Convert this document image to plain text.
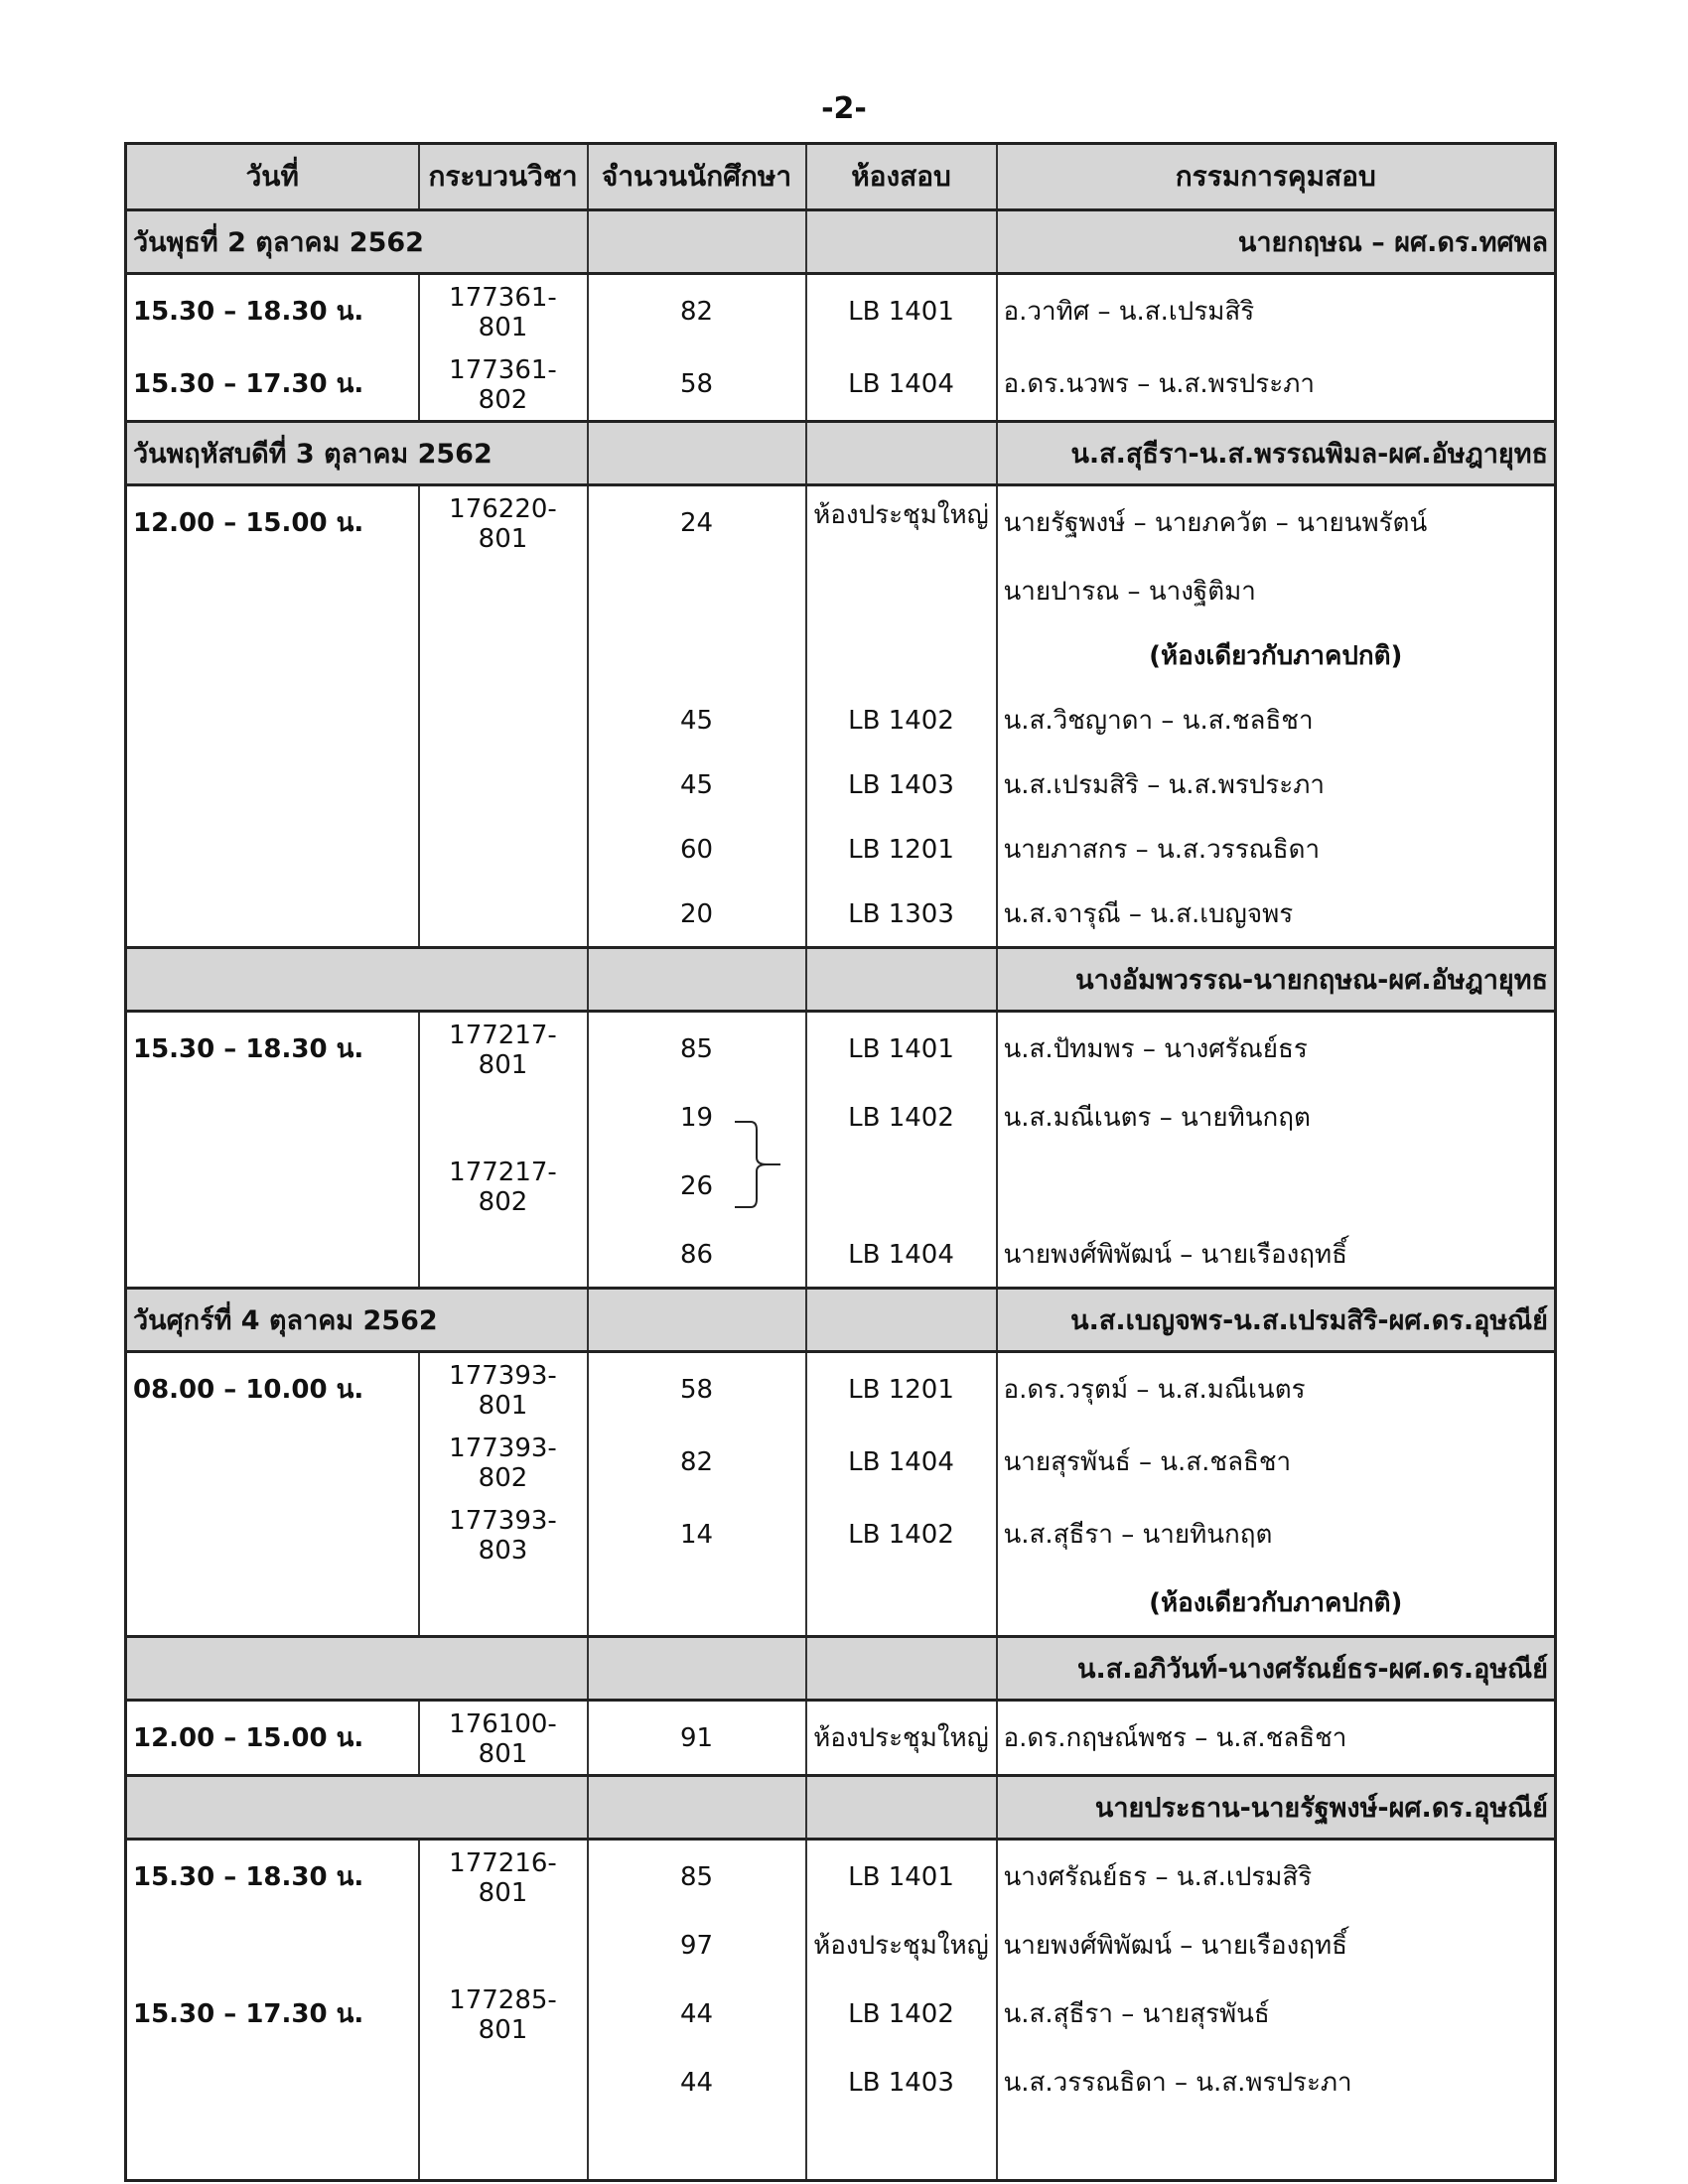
-2-
วันที่	กระบวนวิชา	จำนวนนักศึกษา	ห้องสอบ	กรรมการคุมสอบ
วันพุธที่ 2 ตุลาคม 2562				นายกฤษณ – ผศ.ดร.ทศพล
15.30 – 18.30 น.	177361-801	82	LB 1401	อ.วาทิศ – น.ส.เปรมสิริ
15.30 – 17.30 น.	177361-802	58	LB 1404	อ.ดร.นวพร – น.ส.พรประภา
วันพฤหัสบดีที่ 3 ตุลาคม 2562				น.ส.สุธีรา-น.ส.พรรณพิมล-ผศ.อัษฎายุทธ
12.00 – 15.00 น.	176220-801	24	ห้องประชุมใหญ่	นายรัฐพงษ์ – นายภควัต – นายนพรัตน์
				นายปารณ – นางฐิติมา
				(ห้องเดียวกับภาคปกติ)
		45	LB 1402	น.ส.วิชญาดา – น.ส.ชลธิชา
		45	LB 1403	น.ส.เปรมสิริ – น.ส.พรประภา
		60	LB 1201	นายภาสกร – น.ส.วรรณธิดา
		20	LB 1303	น.ส.จารุณี – น.ส.เบญจพร
				นางอัมพวรรณ-นายกฤษณ-ผศ.อัษฎายุทธ
15.30 – 18.30 น.	177217-801	85	LB 1401	น.ส.ปัทมพร – นางศรัณย์ธร
		19	LB 1402	น.ส.มณีเนตร – นายทินกฤต
	177217-802	26

		86	LB 1404	นายพงศ์พิพัฒน์ – นายเรืองฤทธิ์
วันศุกร์ที่ 4 ตุลาคม 2562				น.ส.เบญจพร-น.ส.เปรมสิริ-ผศ.ดร.อุษณีย์
08.00 – 10.00 น.	177393-801	58	LB 1201	อ.ดร.วรุตม์ – น.ส.มณีเนตร
	177393-802	82	LB 1404	นายสุรพันธ์ – น.ส.ชลธิชา
	177393-803	14	LB 1402	น.ส.สุธีรา – นายทินกฤต
				(ห้องเดียวกับภาคปกติ)
				น.ส.อภิวันท์-นางศรัณย์ธร-ผศ.ดร.อุษณีย์
12.00 – 15.00 น.	176100-801	91	ห้องประชุมใหญ่	อ.ดร.กฤษณ์พชร – น.ส.ชลธิชา
				นายประธาน-นายรัฐพงษ์-ผศ.ดร.อุษณีย์
15.30 – 18.30 น.	177216-801	85	LB 1401	นางศรัณย์ธร – น.ส.เปรมสิริ
		97	ห้องประชุมใหญ่	นายพงศ์พิพัฒน์ – นายเรืองฤทธิ์
15.30 – 17.30 น.	177285-801	44	LB 1402	น.ส.สุธีรา – นายสุรพันธ์
		44	LB 1403	น.ส.วรรณธิดา – น.ส.พรประภา
